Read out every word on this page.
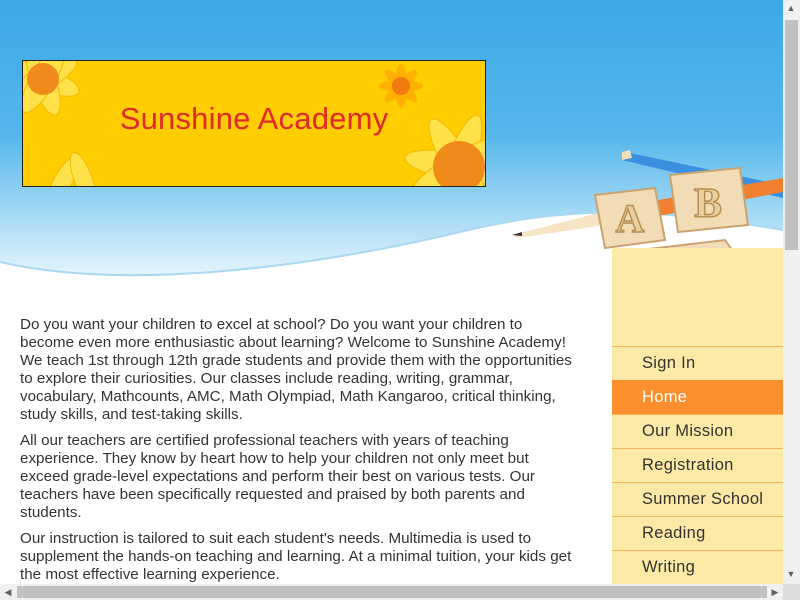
Sunshine Academy
A B

Do you want your children to excel at school? Do you want your children to become even more enthusiastic about learning? Welcome to Sunshine Academy! We teach 1st through 12th grade students and provide them with the opportunities to explore their curiosities. Our classes include reading, writing, grammar, vocabulary, Mathcounts, AMC, Math Olympiad, Math Kangaroo, critical thinking, study skills, and test-taking skills.

All our teachers are certified professional teachers with years of teaching experience. They know by heart how to help your children not only meet but exceed grade-level expectations and perform their best on various tests. Our teachers have been specifically requested and praised by both parents and students.

Our instruction is tailored to suit each student's needs. Multimedia is used to supplement the hands-on teaching and learning. At a minimal tuition, your kids get the most effective learning experience.

Sign In
Home
Our Mission
Registration
Summer School
Reading
Writing
▲
▼
◀	▶
